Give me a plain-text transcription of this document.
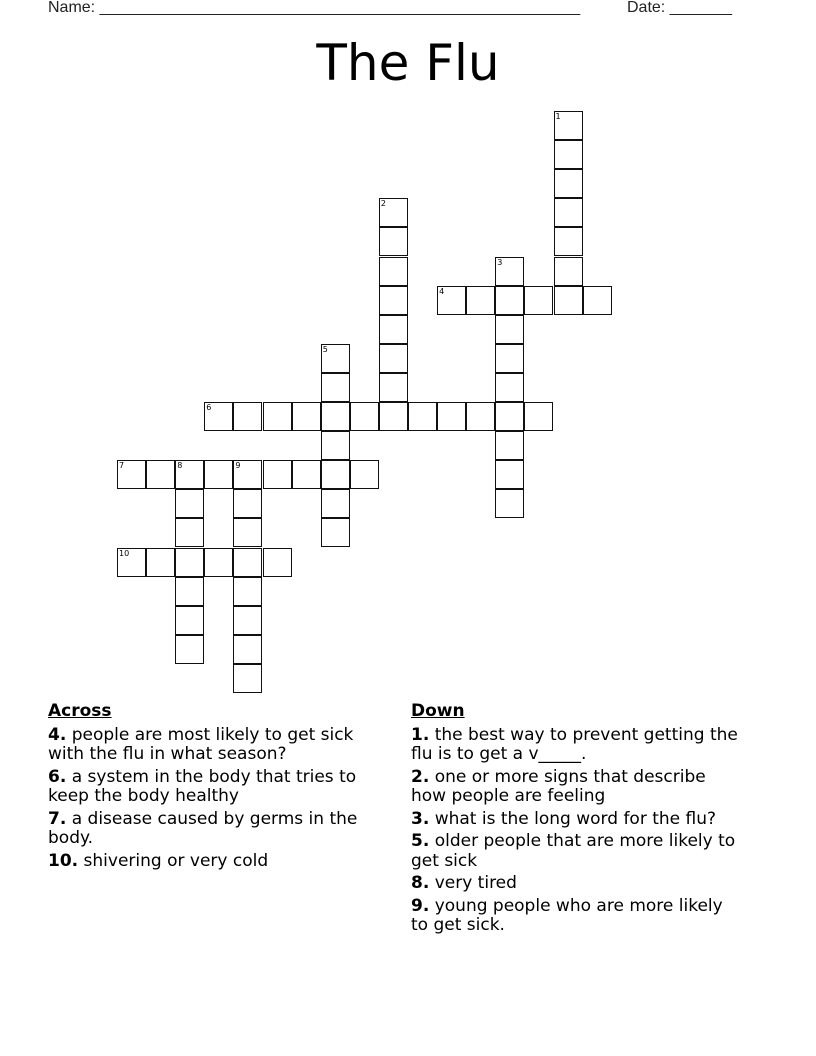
Name: ______________________________________________________	Date: _______
The Flu
1
2
3
4
5
6
7	8	9
10
Across
4. people are most likely to get sick with the flu in what season?
6. a system in the body that tries to keep the body healthy
7. a disease caused by germs in the body.
10. shivering or very cold
Down
1. the best way to prevent getting the flu is to get a v_____.
2. one or more signs that describe how people are feeling
3. what is the long word for the flu?
5. older people that are more likely to get sick
8. very tired
9. young people who are more likely to get sick.
